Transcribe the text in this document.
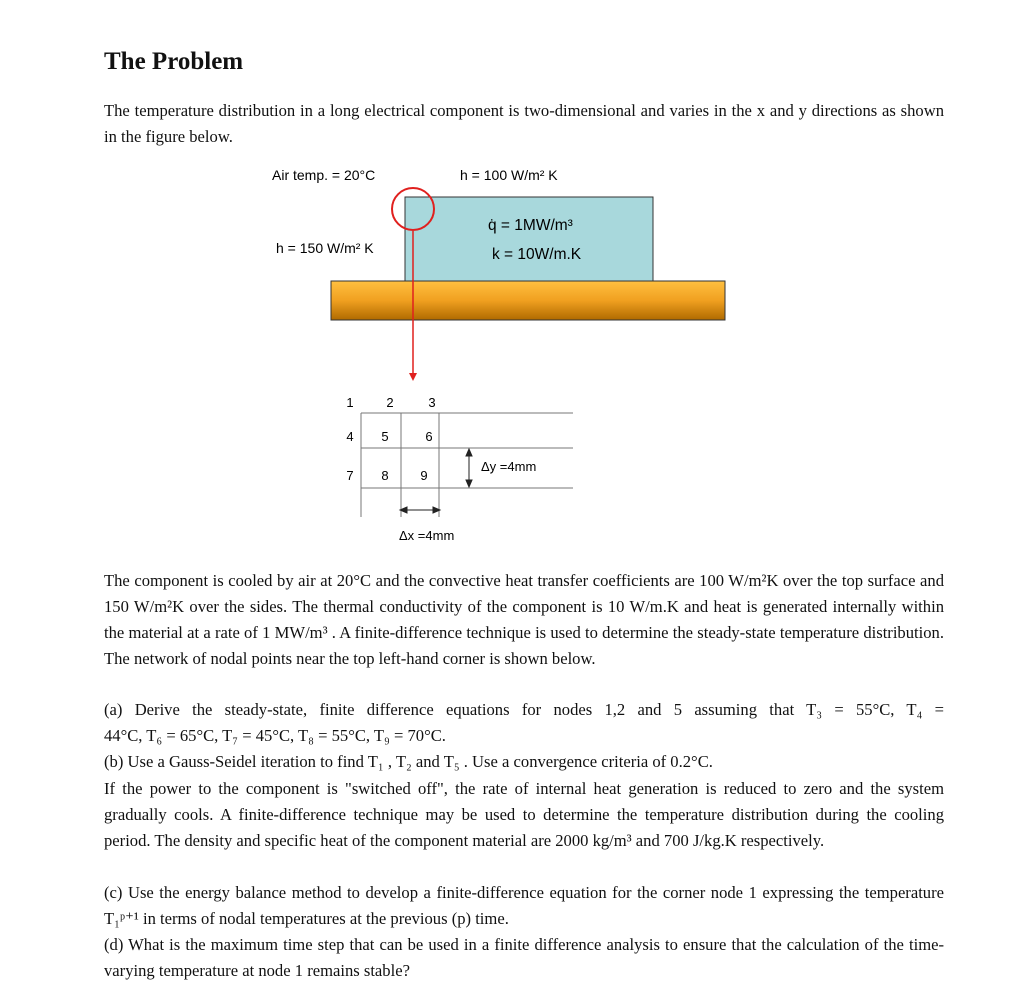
The Problem
The temperature distribution in a long electrical component is two-dimensional and varies in the x and y directions as shown in the figure below.
Air temp. = 20°C	h = 100 W/m² K
h = 150 W/m² K
q̇ = 1MW/m³
k = 10W/m.K
1	2	3
4 5	6
7 8 9
Δy =4mm
Δx =4mm
The component is cooled by air at 20°C and the convective heat transfer coefficients are 100 W/m²K over the top surface and 150 W/m²K over the sides. The thermal conductivity of the component is 10 W/m.K and heat is generated internally within the material at a rate of 1 MW/m³ . A finite-difference technique is used to determine the steady-state temperature distribution. The network of nodal points near the top left-hand corner is shown below.
(a) Derive the steady-state, finite difference equations for nodes 1,2 and 5 assuming that T₃ = 55°C, T₄ =
44°C, T₆ = 65°C, T₇ = 45°C, T₈ = 55°C, T₉ = 70°C.
(b) Use a Gauss-Seidel iteration to find T₁ , T₂ and T₅ . Use a convergence criteria of 0.2°C.
If the power to the component is "switched off", the rate of internal heat generation is reduced to zero and the system gradually cools. A finite-difference technique may be used to determine the temperature distribution during the cooling period. The density and specific heat of the component material are 2000 kg/m³ and 700 J/kg.K respectively.
(c) Use the energy balance method to develop a finite-difference equation for the corner node 1 expressing the temperature T₁ᵖ⁺¹ in terms of nodal temperatures at the previous (p) time.
(d) What is the maximum time step that can be used in a finite difference analysis to ensure that the calculation of the time-varying temperature at node 1 remains stable?
